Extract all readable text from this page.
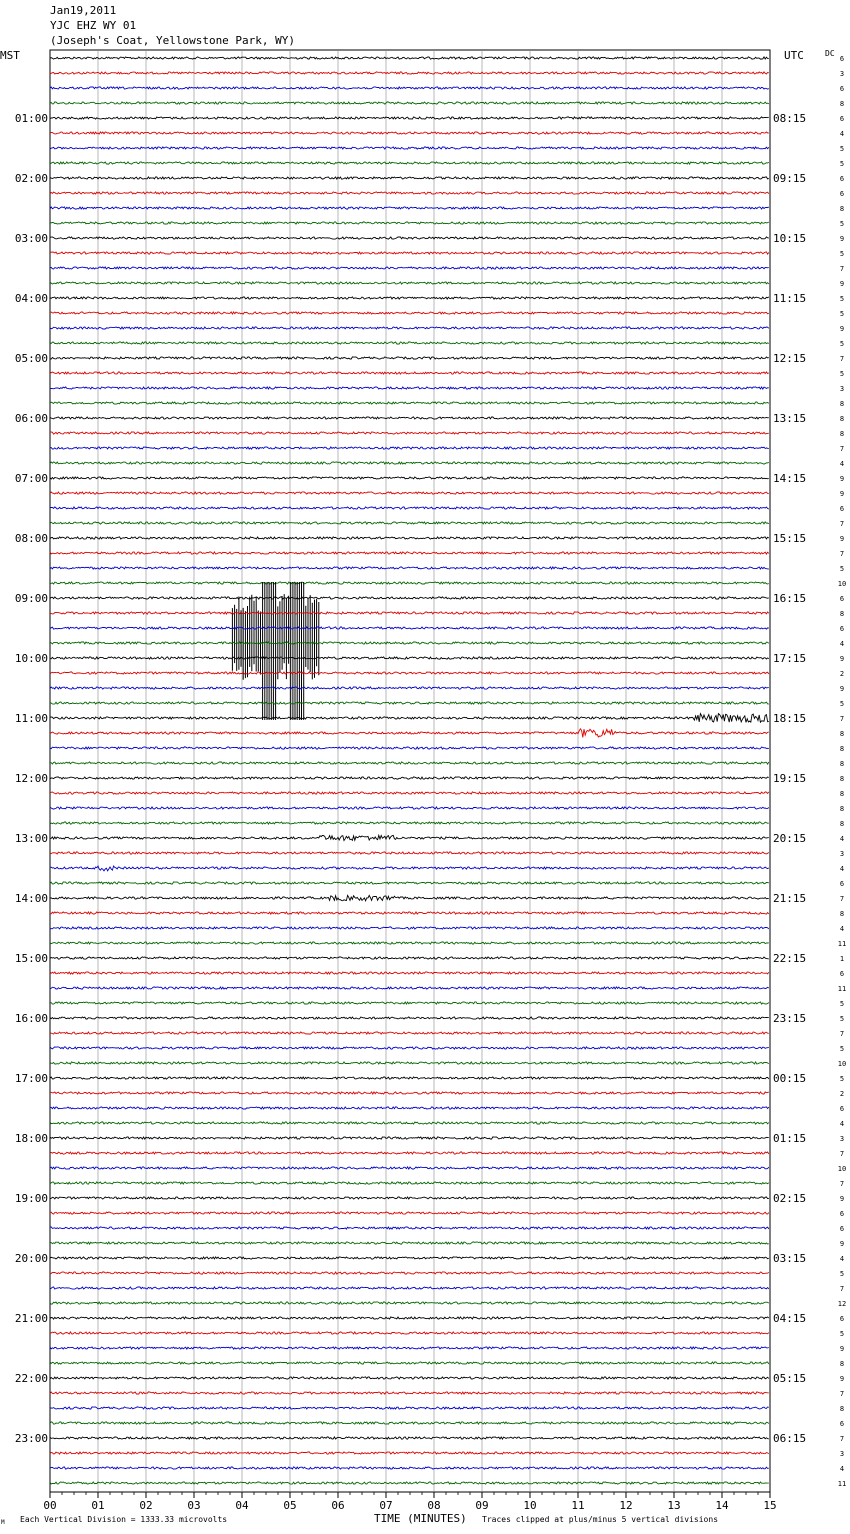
Jan19,2011
YJC EHZ WY 01
(Joseph's Coat, Yellowstone Park, WY)
MST	UTC	DC
01:00
02:00
03:00
04:00
05:00
06:00
07:00
08:00
09:00
10:00
11:00
12:00
13:00
14:00
15:00
16:00
17:00
18:00
19:00
20:00
21:00
22:00
23:00
08:15
09:15
10:15
11:15
12:15
13:15
14:15
15:15
16:15
17:15
18:15
19:15
20:15
21:15
22:15
23:15
00:15
01:15
02:15
03:15
04:15
05:15
06:15
6
3
6
8
6
4
5
5
6
6
8
5
9
5
7
9
5
5
9
5
7
5
3
8
8
8
7
4
9
9
6
7
9
7
5
10
6
8
6
4
9
2
9
5
7
8
8
8
8
8
8
8
4
3
4
6
7
8
4
11
1
6
11
5
5
7
5
10
5
2
6
4
3
7
10
7
9
6
6
9
4
5
7
12
6
5
9
8
9
7
8
6
7
3
4
11
00	01	02	03	04	05	06	07	08	09	10	11	12	13	14	15
Each Vertical Division = 1333.33 microvolts	TIME (MINUTES) Traces clipped at plus/minus 5 vertical divisions
M
